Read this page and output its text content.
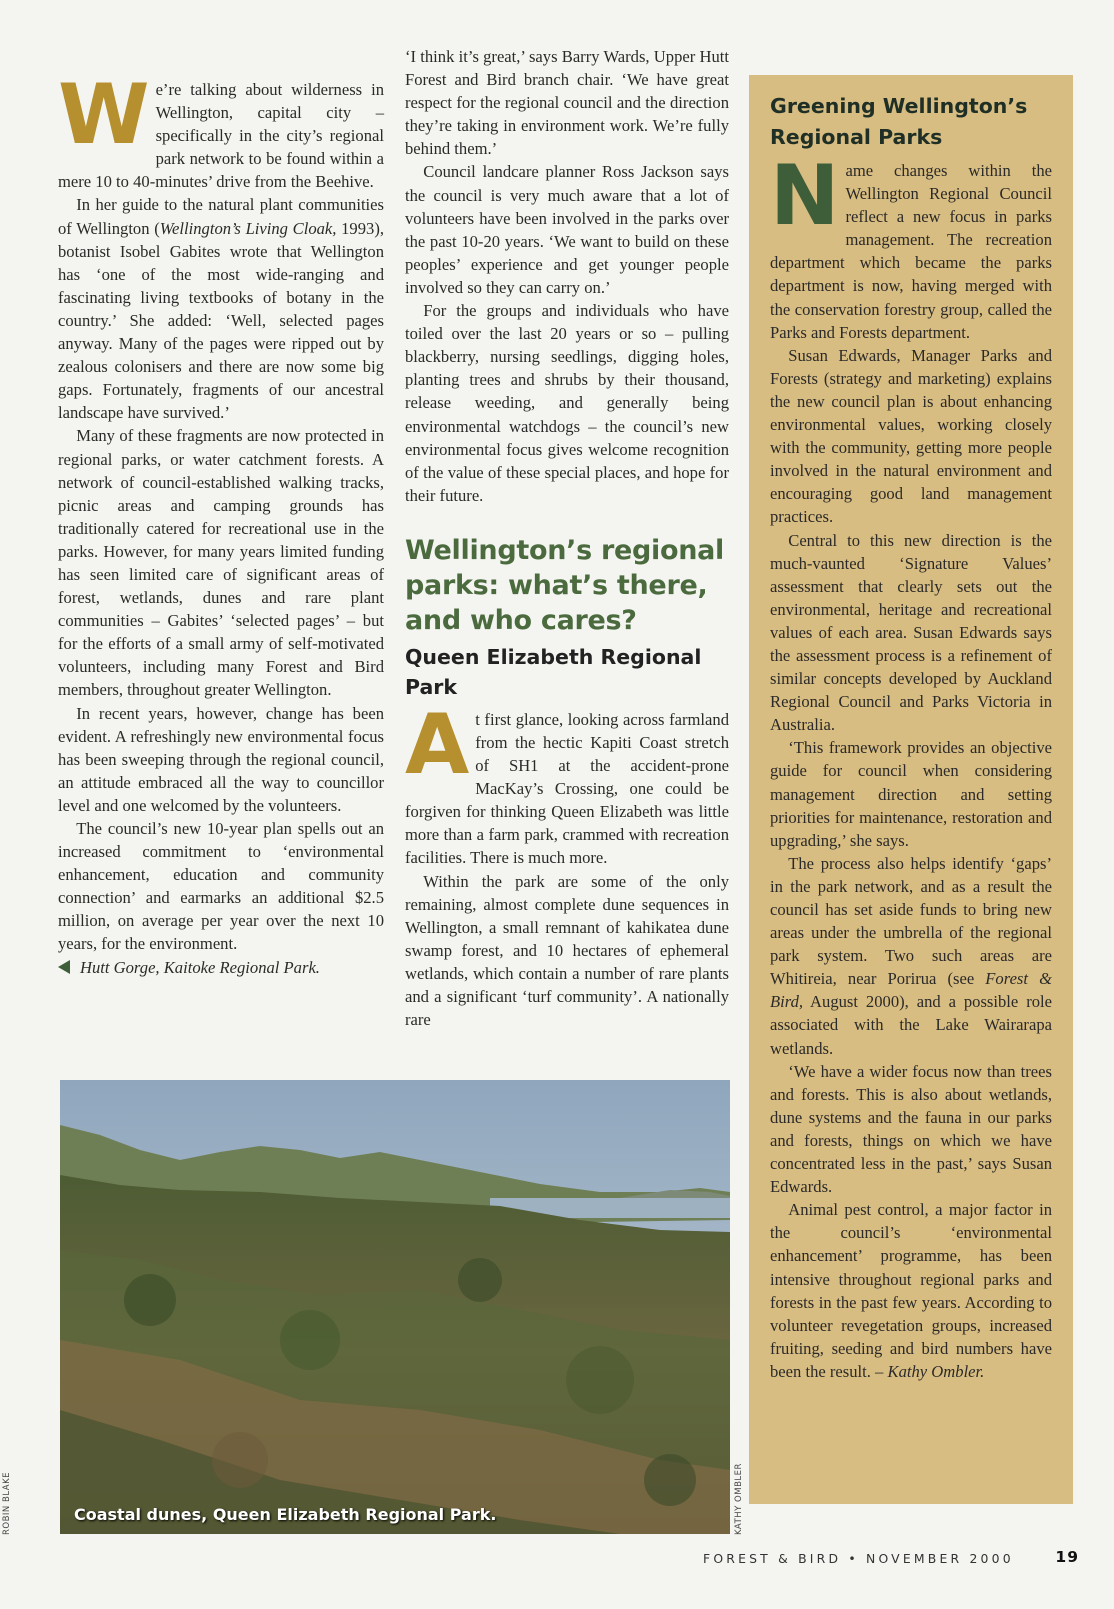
We’re talking about wilderness in Wellington, capital city – specifically in the city’s regional park network to be found within a mere 10 to 40-minutes’ drive from the Beehive.

In her guide to the natural plant communities of Wellington (Wellington’s Living Cloak, 1993), botanist Isobel Gabites wrote that Wellington has ‘one of the most wide-ranging and fascinating living textbooks of botany in the country.’ She added: ‘Well, selected pages anyway. Many of the pages were ripped out by zealous colonisers and there are now some big gaps. Fortunately, fragments of our ancestral landscape have survived.’

Many of these fragments are now protected in regional parks, or water catchment forests. A network of council-established walking tracks, picnic areas and camping grounds has traditionally catered for recreational use in the parks. However, for many years limited funding has seen limited care of significant areas of forest, wetlands, dunes and rare plant communities – Gabites’ ‘selected pages’ – but for the efforts of a small army of self-motivated volunteers, including many Forest and Bird members, throughout greater Wellington.

In recent years, however, change has been evident. A refreshingly new environmental focus has been sweeping through the regional council, an attitude embraced all the way to councillor level and one welcomed by the volunteers.

The council’s new 10-year plan spells out an increased commitment to ‘environmental enhancement, education and community connection’ and earmarks an additional $2.5 million, on average per year over the next 10 years, for the environment.

Hutt Gorge, Kaitoke Regional Park.

‘I think it’s great,’ says Barry Wards, Upper Hutt Forest and Bird branch chair. ‘We have great respect for the regional council and the direction they’re taking in environment work. We’re fully behind them.’

Council landcare planner Ross Jackson says the council is very much aware that a lot of volunteers have been involved in the parks over the past 10-20 years. ‘We want to build on these peoples’ experience and get younger people involved so they can carry on.’

For the groups and individuals who have toiled over the last 20 years or so – pulling blackberry, nursing seedlings, digging holes, planting trees and shrubs by their thousand, release weeding, and generally being environmental watchdogs – the council’s new environmental focus gives welcome recognition of the value of these special places, and hope for their future.

Wellington’s regional parks: what’s there, and who cares?
Queen Elizabeth Regional Park

At first glance, looking across farmland from the hectic Kapiti Coast stretch of SH1 at the accident-prone MacKay’s Crossing, one could be forgiven for thinking Queen Elizabeth was little more than a farm park, crammed with recreation facilities. There is much more.

Within the park are some of the only remaining, almost complete dune sequences in Wellington, a small remnant of kahikatea dune swamp forest, and 10 hectares of ephemeral wetlands, which contain a number of rare plants and a significant ‘turf community’. A nationally rare

Greening Wellington’s Regional Parks

Name changes within the Wellington Regional Council reflect a new focus in parks management. The recreation department which became the parks department is now, having merged with the conservation forestry group, called the Parks and Forests department.

Susan Edwards, Manager Parks and Forests (strategy and marketing) explains the new council plan is about enhancing environmental values, working closely with the community, getting more people involved in the natural environment and encouraging good land management practices.

Central to this new direction is the much-vaunted ‘Signature Values’ assessment that clearly sets out the environmental, heritage and recreational values of each area. Susan Edwards says the assessment process is a refinement of similar concepts developed by Auckland Regional Council and Parks Victoria in Australia.

‘This framework provides an objective guide for council when considering management direction and setting priorities for maintenance, restoration and upgrading,’ she says.

The process also helps identify ‘gaps’ in the park network, and as a result the council has set aside funds to bring new areas under the umbrella of the regional park system. Two such areas are Whitireia, near Porirua (see Forest & Bird, August 2000), and a possible role associated with the Lake Wairarapa wetlands.

‘We have a wider focus now than trees and forests. This is also about wetlands, dune systems and the fauna in our parks and forests, things on which we have concentrated less in the past,’ says Susan Edwards.

Animal pest control, a major factor in the council’s ‘environmental enhancement’ programme, has been intensive throughout regional parks and forests in the past few years. According to volunteer revegetation groups, increased fruiting, seeding and bird numbers have been the result. – Kathy Ombler.

Coastal dunes, Queen Elizabeth Regional Park.	KATHY OMBLER
ROBIN BLAKE
FOREST & BIRD • NOVEMBER 2000	19
